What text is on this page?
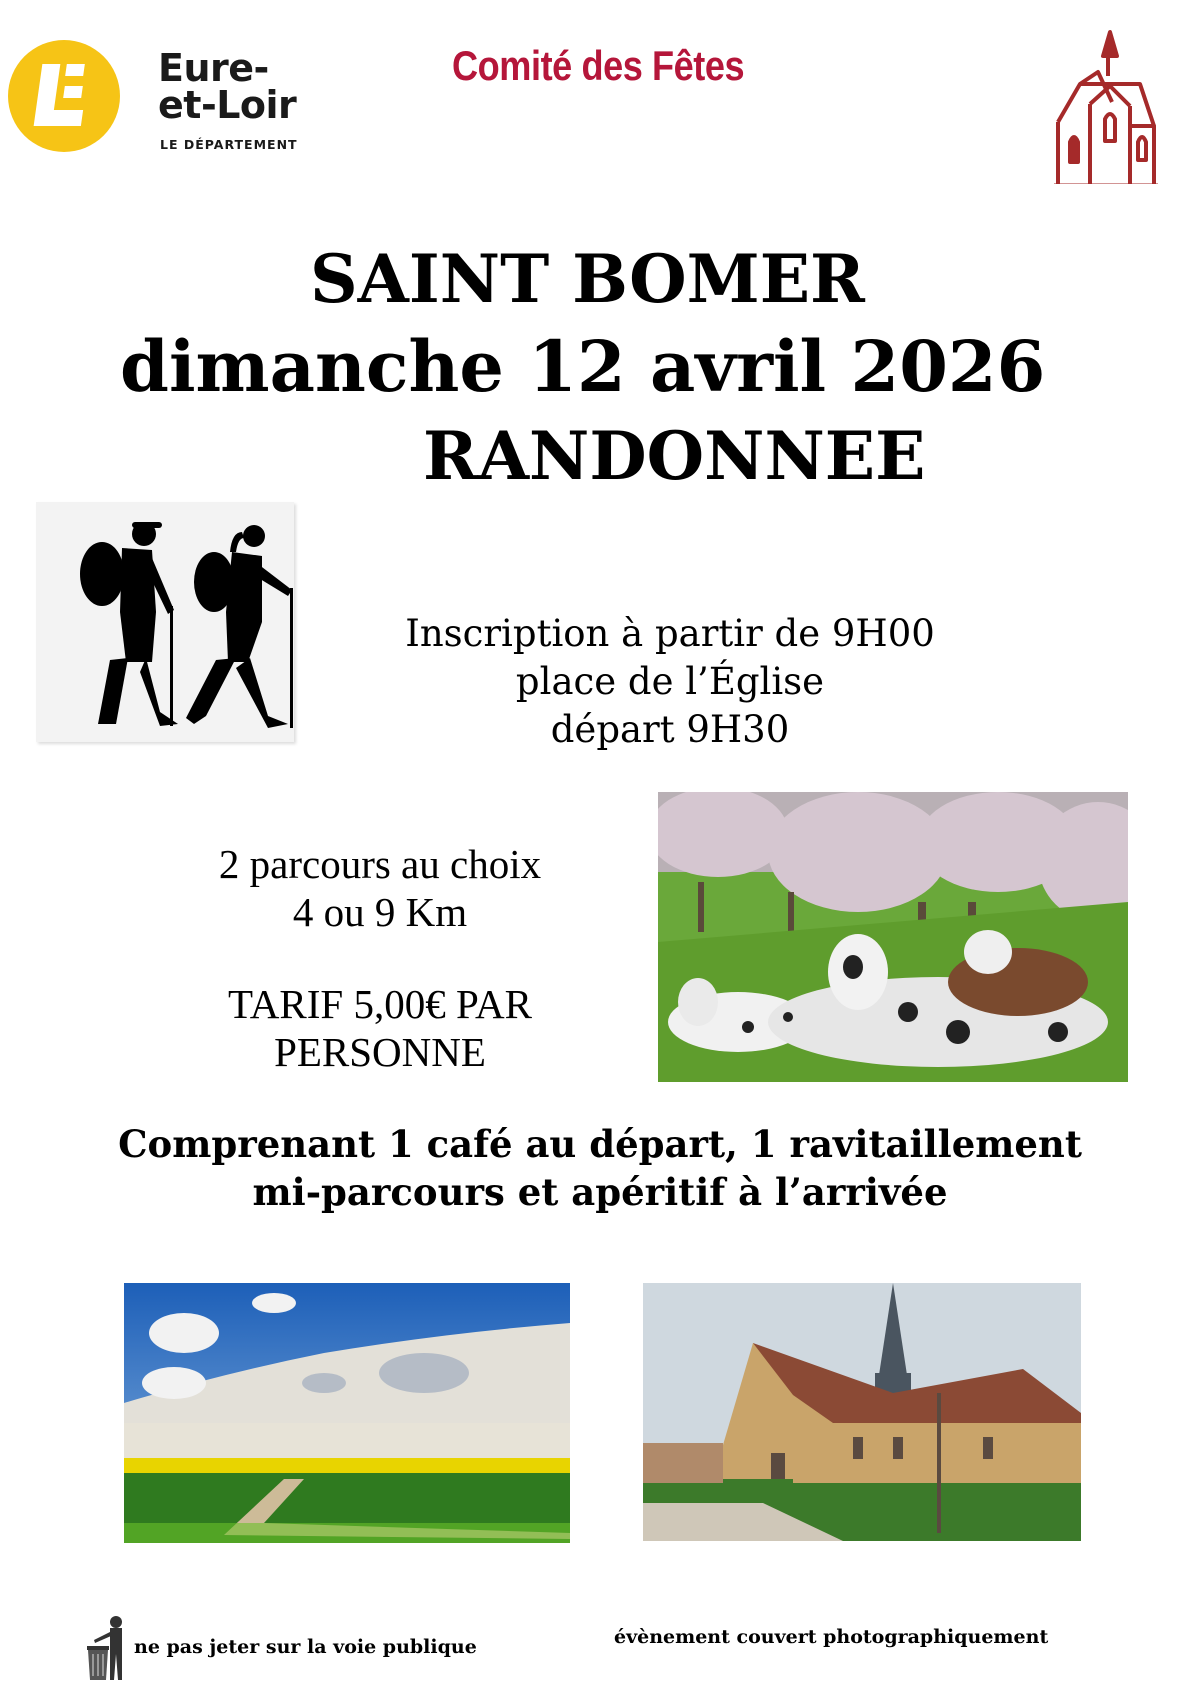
Eure-
et-Loir
LE DÉPARTEMENT
Comité des Fêtes
SAINT BOMER
dimanche 12 avril 2026
RANDONNEE
Inscription à partir de 9H00
place de l’Église
départ 9H30
2 parcours au choix
4 ou 9 Km
TARIF 5,00€ PAR
PERSONNE
Comprenant 1 café au départ, 1 ravitaillement
mi-parcours et apéritif à l’arrivée
ne pas jeter sur la voie publique	évènement couvert photographiquement
